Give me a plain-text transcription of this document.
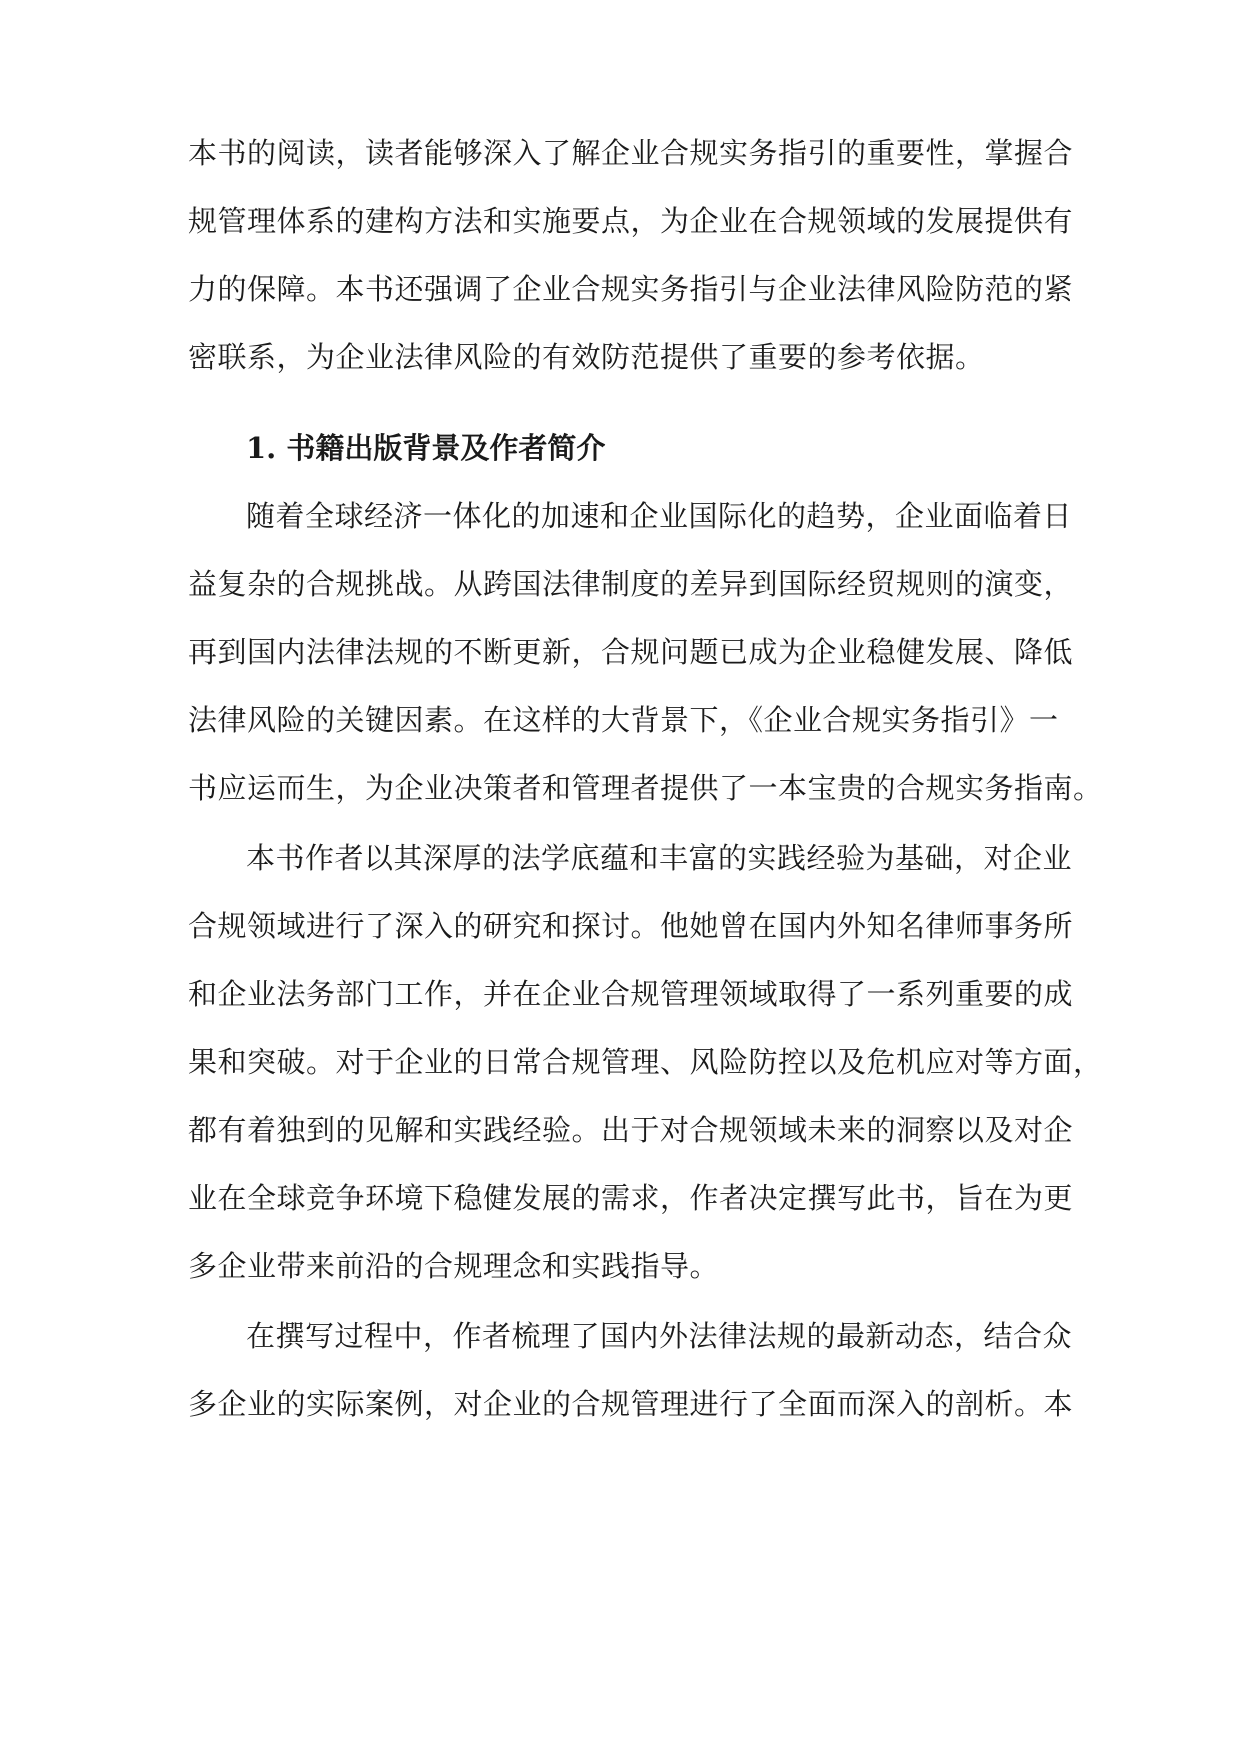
本书的阅读，读者能够深入了解企业合规实务指引的重要性，掌握合
规管理体系的建构方法和实施要点，为企业在合规领域的发展提供有
力的保障。本书还强调了企业合规实务指引与企业法律风险防范的紧
密联系，为企业法律风险的有效防范提供了重要的参考依据。
1. 书籍出版背景及作者简介
随着全球经济一体化的加速和企业国际化的趋势，企业面临着日
益复杂的合规挑战。从跨国法律制度的差异到国际经贸规则的演变，
再到国内法律法规的不断更新，合规问题已成为企业稳健发展、降低
法律风险的关键因素。在这样的大背景下，《企业合规实务指引》一
书应运而生，为企业决策者和管理者提供了一本宝贵的合规实务指南。
本书作者以其深厚的法学底蕴和丰富的实践经验为基础，对企业
合规领域进行了深入的研究和探讨。他她曾在国内外知名律师事务所
和企业法务部门工作，并在企业合规管理领域取得了一系列重要的成
果和突破。对于企业的日常合规管理、风险防控以及危机应对等方面，
都有着独到的见解和实践经验。出于对合规领域未来的洞察以及对企
业在全球竞争环境下稳健发展的需求，作者决定撰写此书，旨在为更
多企业带来前沿的合规理念和实践指导。
在撰写过程中，作者梳理了国内外法律法规的最新动态，结合众
多企业的实际案例，对企业的合规管理进行了全面而深入的剖析。本
